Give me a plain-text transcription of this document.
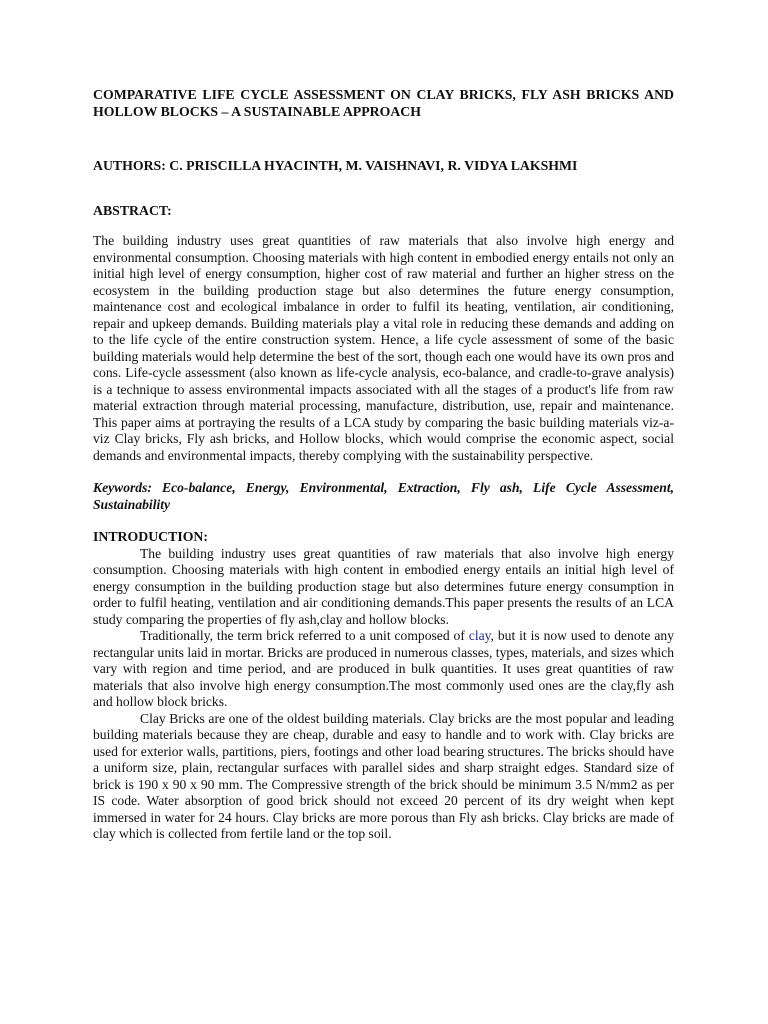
COMPARATIVE LIFE CYCLE ASSESSMENT ON CLAY BRICKS, FLY ASH BRICKS AND HOLLOW BLOCKS – A SUSTAINABLE APPROACH
AUTHORS: C. PRISCILLA HYACINTH, M. VAISHNAVI, R. VIDYA LAKSHMI
ABSTRACT:

The building industry uses great quantities of raw materials that also involve high energy and environmental consumption. Choosing materials with high content in embodied energy entails not only an initial high level of energy consumption, higher cost of raw material and further an higher stress on the ecosystem in the building production stage but also determines the future energy consumption, maintenance cost and ecological imbalance in order to fulfil its heating, ventilation, air conditioning, repair and upkeep demands. Building materials play a vital role in reducing these demands and adding on to the life cycle of the entire construction system. Hence, a life cycle assessment of some of the basic building materials would help determine the best of the sort, though each one would have its own pros and cons. Life-cycle assessment (also known as life-cycle analysis, eco-balance, and cradle-to-grave analysis) is a technique to assess environmental impacts associated with all the stages of a product's life from raw material extraction through material processing, manufacture, distribution, use, repair and maintenance. This paper aims at portraying the results of a LCA study by comparing the basic building materials viz-a-viz Clay bricks, Fly ash bricks, and Hollow blocks, which would comprise the economic aspect, social demands and environmental impacts, thereby complying with the sustainability perspective.

Keywords: Eco-balance, Energy, Environmental, Extraction, Fly ash, Life Cycle Assessment, Sustainability

INTRODUCTION:

The building industry uses great quantities of raw materials that also involve high energy consumption. Choosing materials with high content in embodied energy entails an initial high level of energy consumption in the building production stage but also determines future energy consumption in order to fulfil heating, ventilation and air conditioning demands.This paper presents the results of an LCA study comparing the properties of fly ash,clay and hollow blocks.

Traditionally, the term brick referred to a unit composed of clay, but it is now used to denote any rectangular units laid in mortar. Bricks are produced in numerous classes, types, materials, and sizes which vary with region and time period, and are produced in bulk quantities. It uses great quantities of raw materials that also involve high energy consumption.The most commonly used ones are the clay,fly ash and hollow block bricks.

Clay Bricks are one of the oldest building materials. Clay bricks are the most popular and leading building materials because they are cheap, durable and easy to handle and to work with. Clay bricks are used for exterior walls, partitions, piers, footings and other load bearing structures. The bricks should have a uniform size, plain, rectangular surfaces with parallel sides and sharp straight edges. Standard size of brick is 190 x 90 x 90 mm. The Compressive strength of the brick should be minimum 3.5 N/mm2 as per IS code. Water absorption of good brick should not exceed 20 percent of its dry weight when kept immersed in water for 24 hours. Clay bricks are more porous than Fly ash bricks. Clay bricks are made of clay which is collected from fertile land or the top soil.
